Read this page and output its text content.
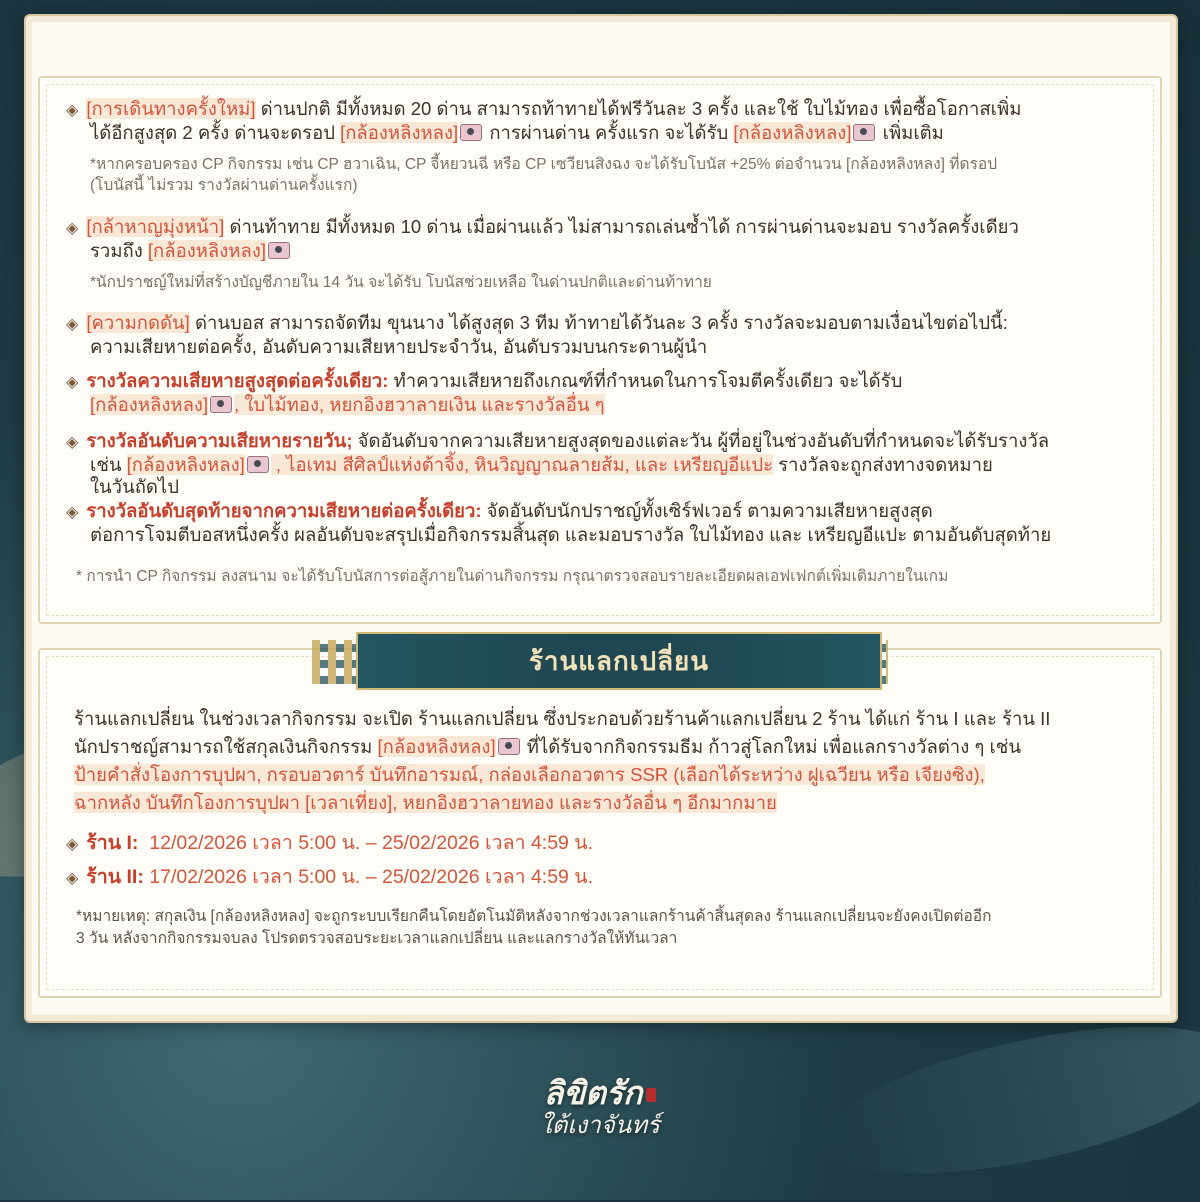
◈ [การเดินทางครั้งใหม่] ด่านปกติ มีทั้งหมด 20 ด่าน สามารถท้าทายได้ฟรีวันละ 3 ครั้ง และใช้ ใบไม้ทอง เพื่อซื้อโอกาสเพิ่ม
ได้อีกสูงสุด 2 ครั้ง ด่านจะดรอป [กล้องหลิงหลง] การผ่านด่าน ครั้งแรก จะได้รับ [กล้องหลิงหลง] เพิ่มเติม
*หากครอบครอง CP กิจกรรม เช่น CP ฮวาเฉิน, CP จี้หยวนฉี หรือ CP เซวียนสิงฉง จะได้รับโบนัส +25% ต่อจำนวน [กล้องหลิงหลง] ที่ดรอป
(โบนัสนี้ ไม่รวม รางวัลผ่านด่านครั้งแรก)
◈ [กล้าหาญมุ่งหน้า] ด่านท้าทาย มีทั้งหมด 10 ด่าน เมื่อผ่านแล้ว ไม่สามารถเล่นซ้ำได้ การผ่านด่านจะมอบ รางวัลครั้งเดียว
รวมถึง [กล้องหลิงหลง]
*นักปราชญ์ใหม่ที่สร้างบัญชีภายใน 14 วัน จะได้รับ โบนัสช่วยเหลือ ในด่านปกติและด่านท้าทาย
◈ [ความกดดัน] ด่านบอส สามารถจัดทีม ขุนนาง ได้สูงสุด 3 ทีม ท้าทายได้วันละ 3 ครั้ง รางวัลจะมอบตามเงื่อนไขต่อไปนี้:
ความเสียหายต่อครั้ง, อันดับความเสียหายประจำวัน, อันดับรวมบนกระดานผู้นำ
◈ รางวัลความเสียหายสูงสุดต่อครั้งเดียว: ทำความเสียหายถึงเกณฑ์ที่กำหนดในการโจมตีครั้งเดียว จะได้รับ
[กล้องหลิงหลง] , ใบไม้ทอง, หยกอิงฮวาลายเงิน และรางวัลอื่น ๆ
◈ รางวัลอันดับความเสียหายรายวัน; จัดอันดับจากความเสียหายสูงสุดของแต่ละวัน ผู้ที่อยู่ในช่วงอันดับที่กำหนดจะได้รับรางวัล
เช่น [กล้องหลิงหลง] , ไอเทม สีศิลป์แห่งต้าจิ้ง, หินวิญญาณลายส้ม, และ เหรียญอีแปะ รางวัลจะถูกส่งทางจดหมาย
ในวันถัดไป
◈ รางวัลอันดับสุดท้ายจากความเสียหายต่อครั้งเดียว: จัดอันดับนักปราชญ์ทั้งเซิร์ฟเวอร์ ตามความเสียหายสูงสุด
ต่อการโจมตีบอสหนึ่งครั้ง ผลอันดับจะสรุปเมื่อกิจกรรมสิ้นสุด และมอบรางวัล ใบไม้ทอง และ เหรียญอีแปะ ตามอันดับสุดท้าย
* การนำ CP กิจกรรม ลงสนาม จะได้รับโบนัสการต่อสู้ภายในด่านกิจกรรม กรุณาตรวจสอบรายละเอียดผลเอฟเฟกต์เพิ่มเติมภายในเกม
ร้านแลกเปลี่ยน
ร้านแลกเปลี่ยน ในช่วงเวลากิจกรรม จะเปิด ร้านแลกเปลี่ยน ซึ่งประกอบด้วยร้านค้าแลกเปลี่ยน 2 ร้าน ได้แก่ ร้าน I และ ร้าน II
นักปราชญ์สามารถใช้สกุลเงินกิจกรรม [กล้องหลิงหลง] ที่ได้รับจากกิจกรรมธีม ก้าวสู่โลกใหม่ เพื่อแลกรางวัลต่าง ๆ เช่น
ป้ายคำสั่งโองการบุปผา, กรอบอวตาร์ บันทึกอารมณ์, กล่องเลือกอวตาร SSR (เลือกได้ระหว่าง ฝูเฉวียน หรือ เจียงซิง),
ฉากหลัง บันทึกโองการบุปผา [เวลาเที่ยง], หยกอิงฮวาลายทอง และรางวัลอื่น ๆ อีกมากมาย
◈ ร้าน I: 12/02/2026 เวลา 5:00 น. – 25/02/2026 เวลา 4:59 น.
◈ ร้าน II: 17/02/2026 เวลา 5:00 น. – 25/02/2026 เวลา 4:59 น.
*หมายเหตุ: สกุลเงิน [กล้องหลิงหลง] จะถูกระบบเรียกคืนโดยอัตโนมัติหลังจากช่วงเวลาแลกร้านค้าสิ้นสุดลง ร้านแลกเปลี่ยนจะยังคงเปิดต่ออีก
3 วัน หลังจากกิจกรรมจบลง โปรดตรวจสอบระยะเวลาแลกเปลี่ยน และแลกรางวัลให้ทันเวลา
ลิขิตรัก
ใต้เงาจันทร์
